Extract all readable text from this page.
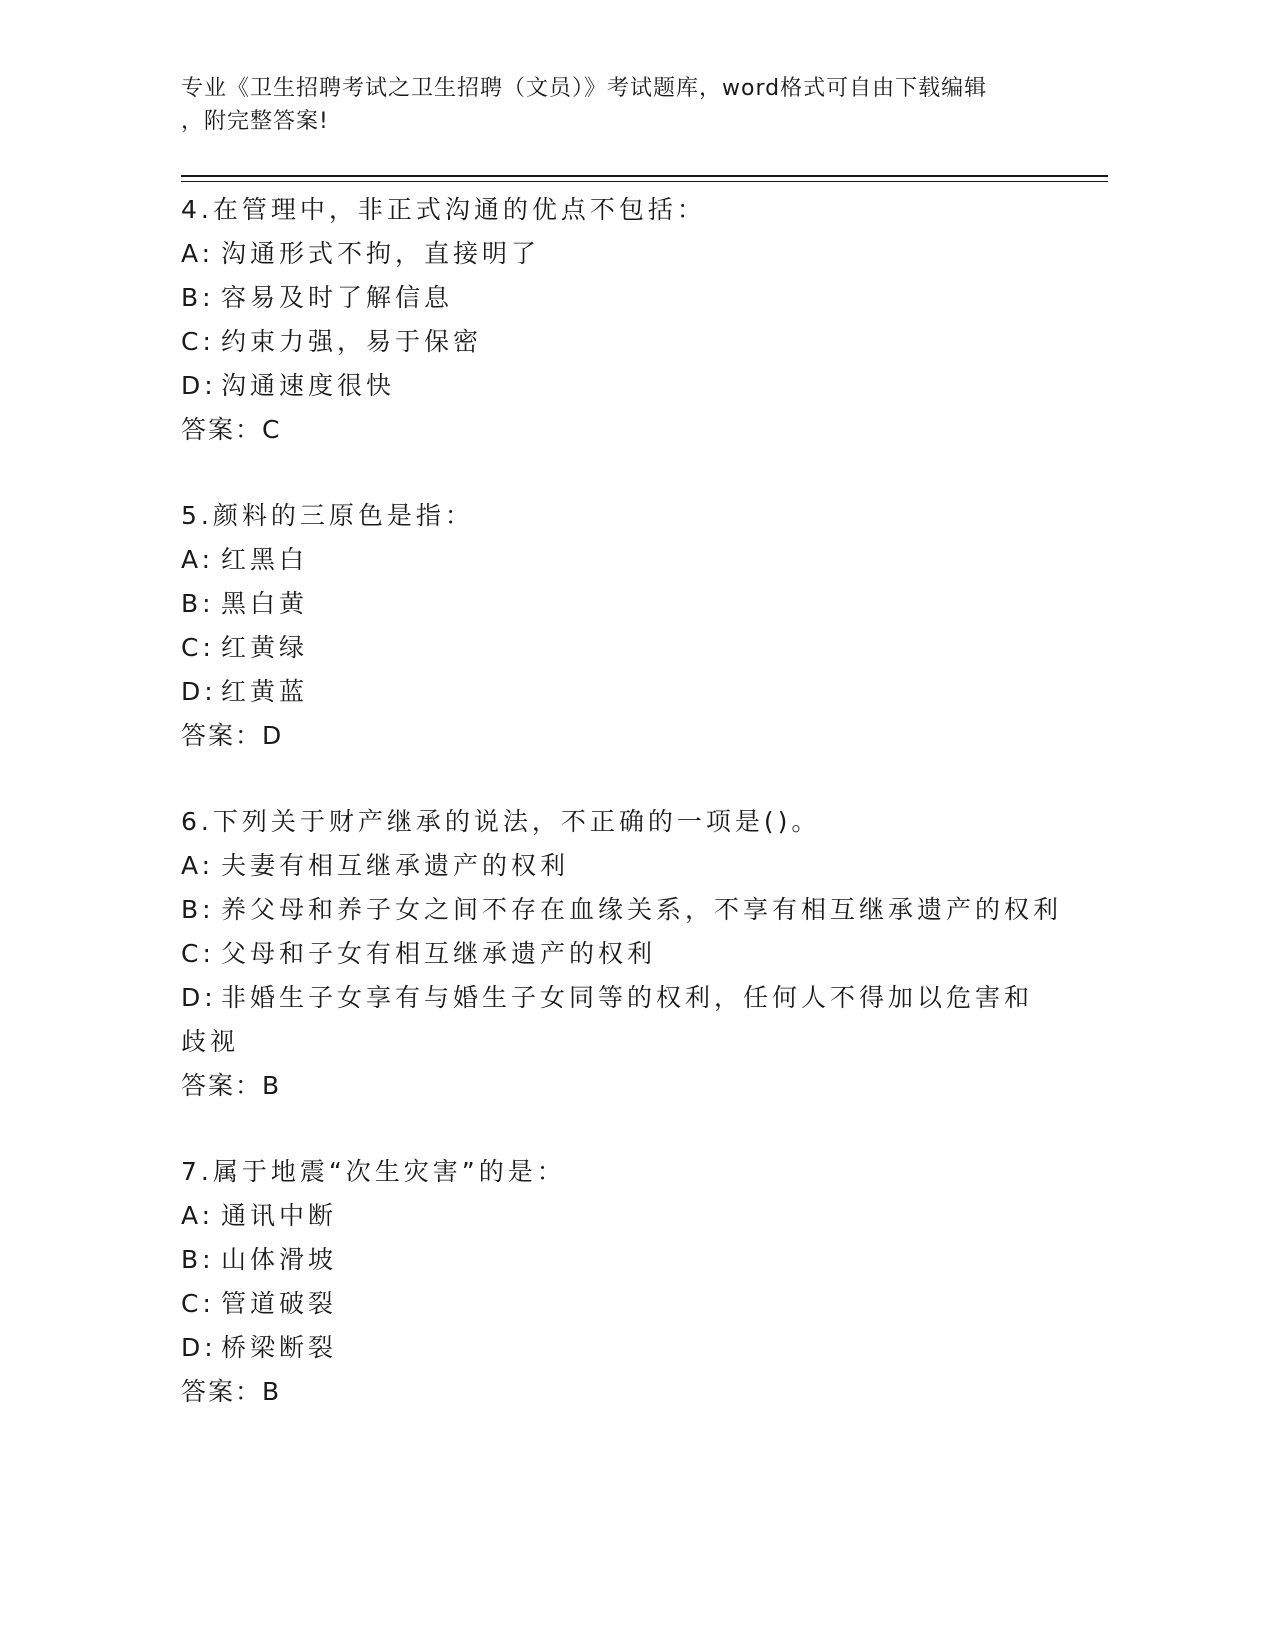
专业《卫生招聘考试之卫生招聘（文员）》考试题库，word格式可自由下载编辑
，附完整答案!
4.在管理中，非正式沟通的优点不包括：
A: 沟通形式不拘，直接明了
B: 容易及时了解信息
C: 约束力强，易于保密
D: 沟通速度很快
答案：C
5.颜料的三原色是指：
A: 红黑白
B: 黑白黄
C: 红黄绿
D: 红黄蓝
答案：D
6.下列关于财产继承的说法，不正确的一项是()。
A: 夫妻有相互继承遗产的权利
B: 养父母和养子女之间不存在血缘关系，不享有相互继承遗产的权利
C: 父母和子女有相互继承遗产的权利
D: 非婚生子女享有与婚生子女同等的权利，任何人不得加以危害和歧视
答案：B
7.属于地震“次生灾害”的是：
A: 通讯中断
B: 山体滑坡
C: 管道破裂
D: 桥梁断裂
答案：B
